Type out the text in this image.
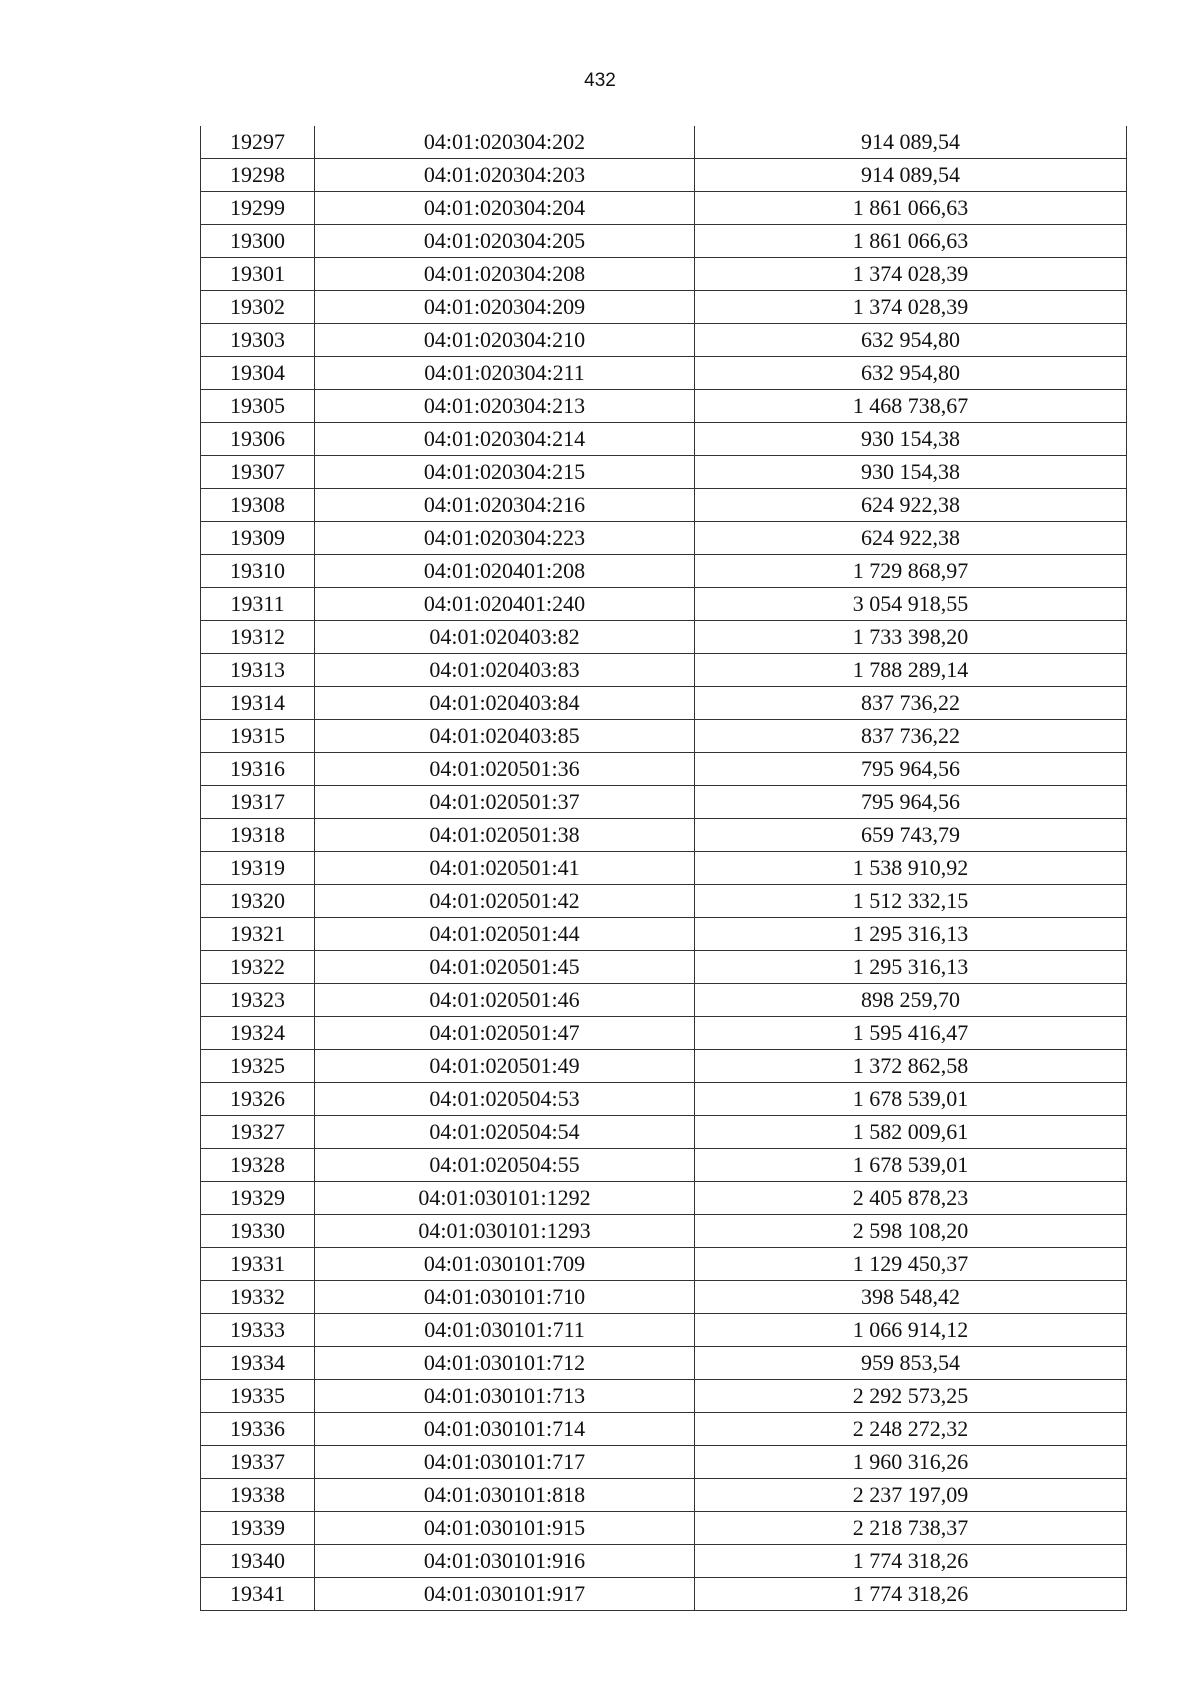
432
19297	04:01:020304:202	914 089,54
19298	04:01:020304:203	914 089,54
19299	04:01:020304:204	1 861 066,63
19300	04:01:020304:205	1 861 066,63
19301	04:01:020304:208	1 374 028,39
19302	04:01:020304:209	1 374 028,39
19303	04:01:020304:210	632 954,80
19304	04:01:020304:211	632 954,80
19305	04:01:020304:213	1 468 738,67
19306	04:01:020304:214	930 154,38
19307	04:01:020304:215	930 154,38
19308	04:01:020304:216	624 922,38
19309	04:01:020304:223	624 922,38
19310	04:01:020401:208	1 729 868,97
19311	04:01:020401:240	3 054 918,55
19312	04:01:020403:82	1 733 398,20
19313	04:01:020403:83	1 788 289,14
19314	04:01:020403:84	837 736,22
19315	04:01:020403:85	837 736,22
19316	04:01:020501:36	795 964,56
19317	04:01:020501:37	795 964,56
19318	04:01:020501:38	659 743,79
19319	04:01:020501:41	1 538 910,92
19320	04:01:020501:42	1 512 332,15
19321	04:01:020501:44	1 295 316,13
19322	04:01:020501:45	1 295 316,13
19323	04:01:020501:46	898 259,70
19324	04:01:020501:47	1 595 416,47
19325	04:01:020501:49	1 372 862,58
19326	04:01:020504:53	1 678 539,01
19327	04:01:020504:54	1 582 009,61
19328	04:01:020504:55	1 678 539,01
19329	04:01:030101:1292	2 405 878,23
19330	04:01:030101:1293	2 598 108,20
19331	04:01:030101:709	1 129 450,37
19332	04:01:030101:710	398 548,42
19333	04:01:030101:711	1 066 914,12
19334	04:01:030101:712	959 853,54
19335	04:01:030101:713	2 292 573,25
19336	04:01:030101:714	2 248 272,32
19337	04:01:030101:717	1 960 316,26
19338	04:01:030101:818	2 237 197,09
19339	04:01:030101:915	2 218 738,37
19340	04:01:030101:916	1 774 318,26
19341	04:01:030101:917	1 774 318,26
